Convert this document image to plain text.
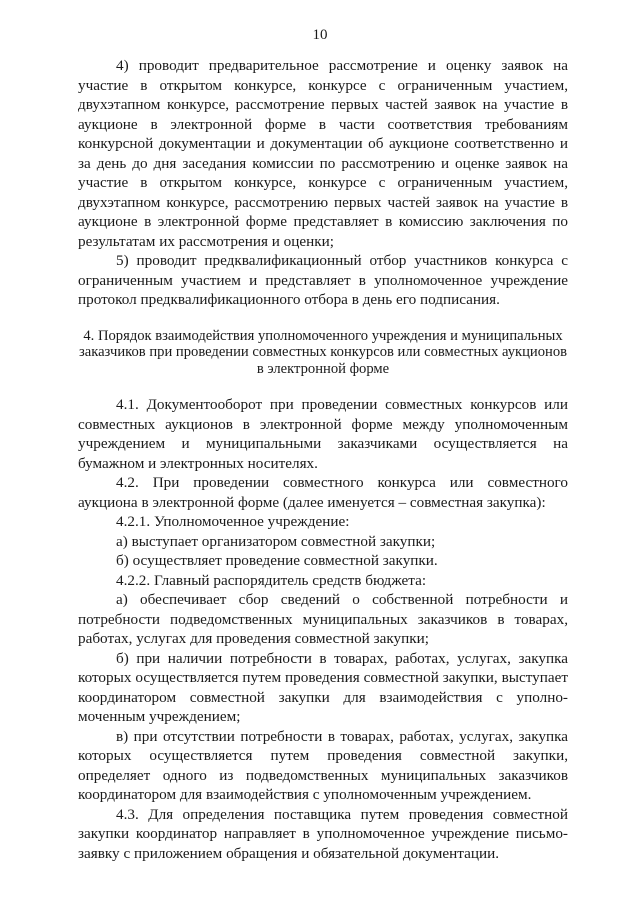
10

4) проводит предварительное рассмотрение и оценку заявок на участие в открытом конкурсе, конкурсе с ограниченным участием, двухэтапном конкурсе, рассмотрение первых частей заявок на участие в аукционе в электронной форме в части соответствия требованиям конкурсной документации и документации об аукционе соответственно и за день до дня заседания комиссии по рассмотрению и оценке заявок на участие в открытом конкурсе, конкурсе с ограниченным участием, двухэтапном конкурсе, рассмотрению первых частей заявок на участие в аукционе в электронной форме представляет в комиссию заключения по результатам их рассмотрения и оценки;

5) проводит предквалификационный отбор участников конкурса с ограниченным участием и представляет в уполномоченное учреждение протокол предквалификационного отбора в день его подписания.

4. Порядок взаимодействия уполномоченного учреждения и муниципальных
заказчиков при проведении совместных конкурсов или совместных аукционов
в электронной форме

4.1. Документооборот при проведении совместных конкурсов или совместных аукционов в электронной форме между уполномоченным учреждением и муниципальными заказчиками осуществляется на бумажном и электронных носителях.

4.2. При проведении совместного конкурса или совместного аукциона в электронной форме (далее именуется – совместная закупка):

4.2.1. Уполномоченное учреждение:

а) выступает организатором совместной закупки;

б) осуществляет проведение совместной закупки.

4.2.2. Главный распорядитель средств бюджета:

а) обеспечивает сбор сведений о собственной потребности и потребности подведомственных муниципальных заказчиков в товарах, работах, услугах для проведения совместной закупки;

б) при наличии потребности в товарах, работах, услугах, закупка которых осуществляется путем проведения совместной закупки, выступает координатором совместной закупки для взаимодействия с уполно-моченным учреждением;

в) при отсутствии потребности в товарах, работах, услугах, закупка которых осуществляется путем проведения совместной закупки, определяет одного из подведомственных муниципальных заказчиков координатором для взаимодействия с уполномоченным учреждением.

4.3. Для определения поставщика путем проведения совместной закупки координатор направляет в уполномоченное учреждение письмо-заявку с приложением обращения и обязательной документации.
